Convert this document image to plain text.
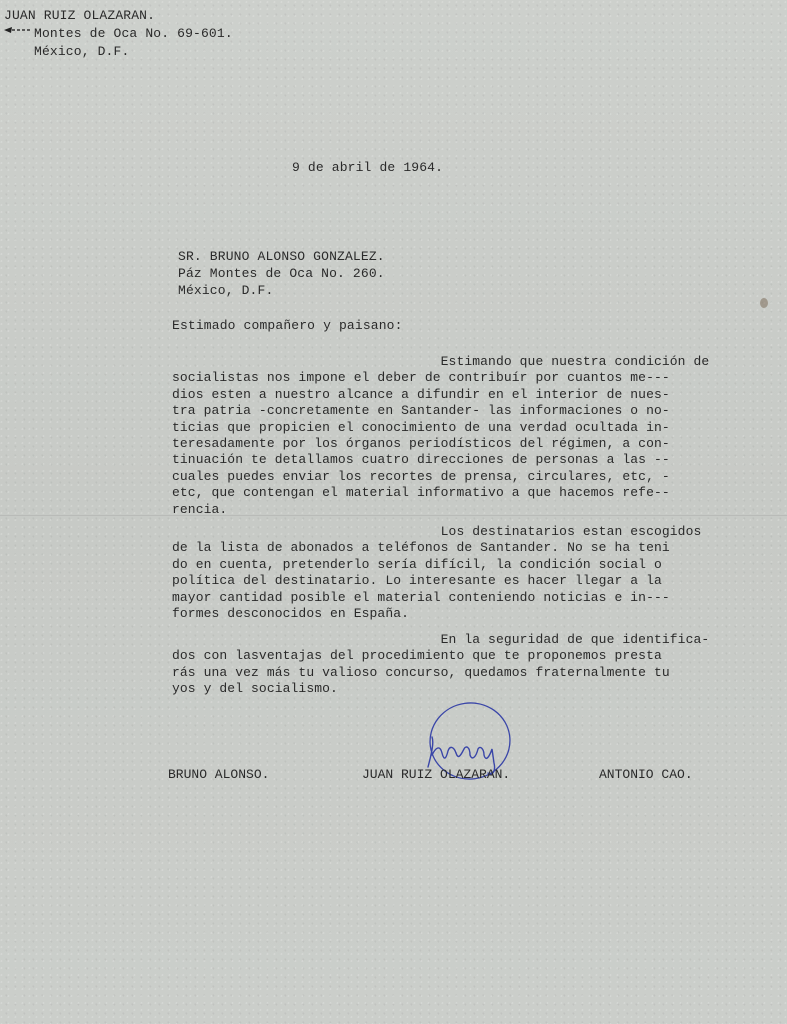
JUAN RUIZ OLAZARAN.
Montes de Oca No. 69-601.
México, D.F.
9 de abril de 1964.
SR. BRUNO ALONSO GONZALEZ.
Páz Montes de Oca No. 260.
México, D.F.
Estimado compañero y paisano:
Estimando que nuestra condición de
socialistas nos impone el deber de contribuír por cuantos me---
dios esten a nuestro alcance a difundir en el interior de nues-
tra patria -concretamente en Santander- las informaciones o no-
ticias que propicien el conocimiento de una verdad ocultada in-
teresadamente por los órganos periodísticos del régimen, a con-
tinuación te detallamos cuatro direcciones de personas a las --
cuales puedes enviar los recortes de prensa, circulares, etc, -
etc, que contengan el material informativo a que hacemos refe--
rencia.
Los destinatarios estan escogidos
de la lista de abonados a teléfonos de Santander. No se ha teni
do en cuenta, pretenderlo sería difícil, la condición social o
política del destinatario. Lo interesante es hacer llegar a la
mayor cantidad posible el material conteniendo noticias e in---
formes desconocidos en España.
En la seguridad de que identifica-
dos con lasventajas del procedimiento que te proponemos presta
rás una vez más tu valioso concurso, quedamos fraternalmente tu
yos y del socialismo.
BRUNO ALONSO.	JUAN RUIZ OLAZARAN.	ANTONIO CAO.
